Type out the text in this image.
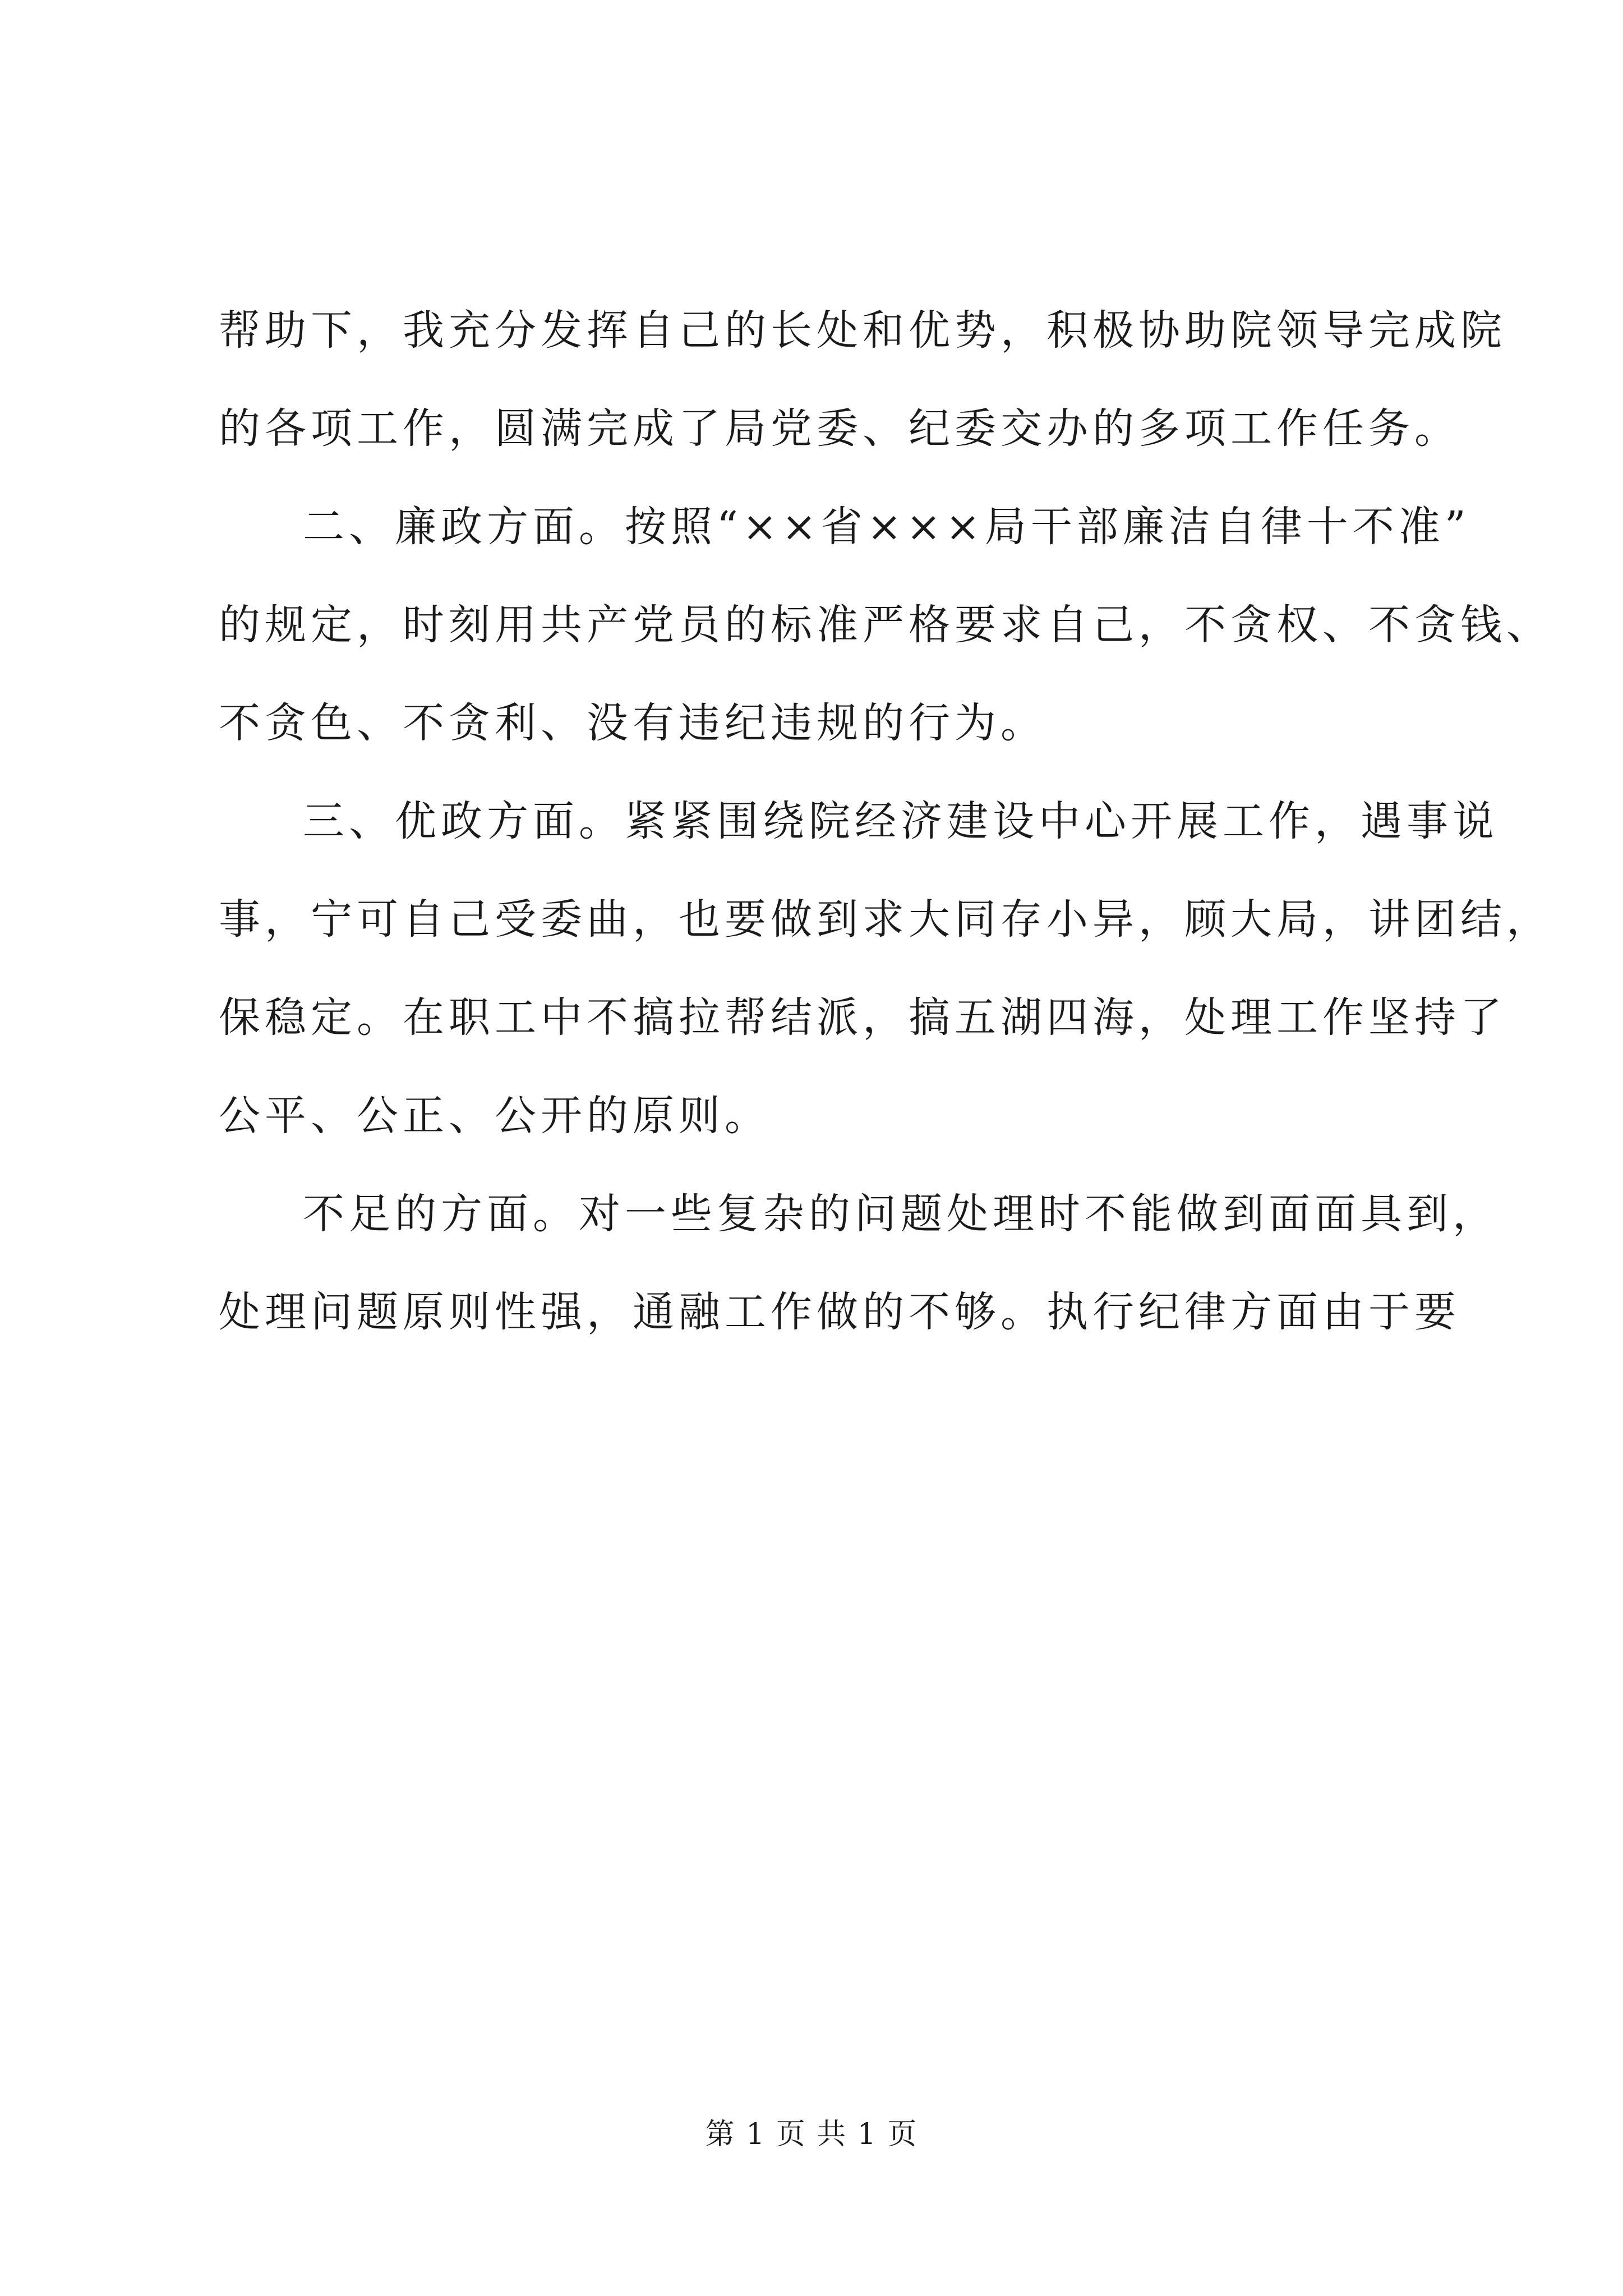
帮助下，我充分发挥自己的长处和优势，积极协助院领导完成院
的各项工作，圆满完成了局党委、纪委交办的多项工作任务。
二、廉政方面。按照“××省×××局干部廉洁自律十不准”
的规定，时刻用共产党员的标准严格要求自己，不贪权、不贪钱、
不贪色、不贪利、没有违纪违规的行为。
三、优政方面。紧紧围绕院经济建设中心开展工作，遇事说
事，宁可自己受委曲，也要做到求大同存小异，顾大局，讲团结，
保稳定。在职工中不搞拉帮结派，搞五湖四海，处理工作坚持了
公平、公正、公开的原则。
不足的方面。对一些复杂的问题处理时不能做到面面具到，
处理问题原则性强，通融工作做的不够。执行纪律方面由于要
第 1 页 共 1 页
